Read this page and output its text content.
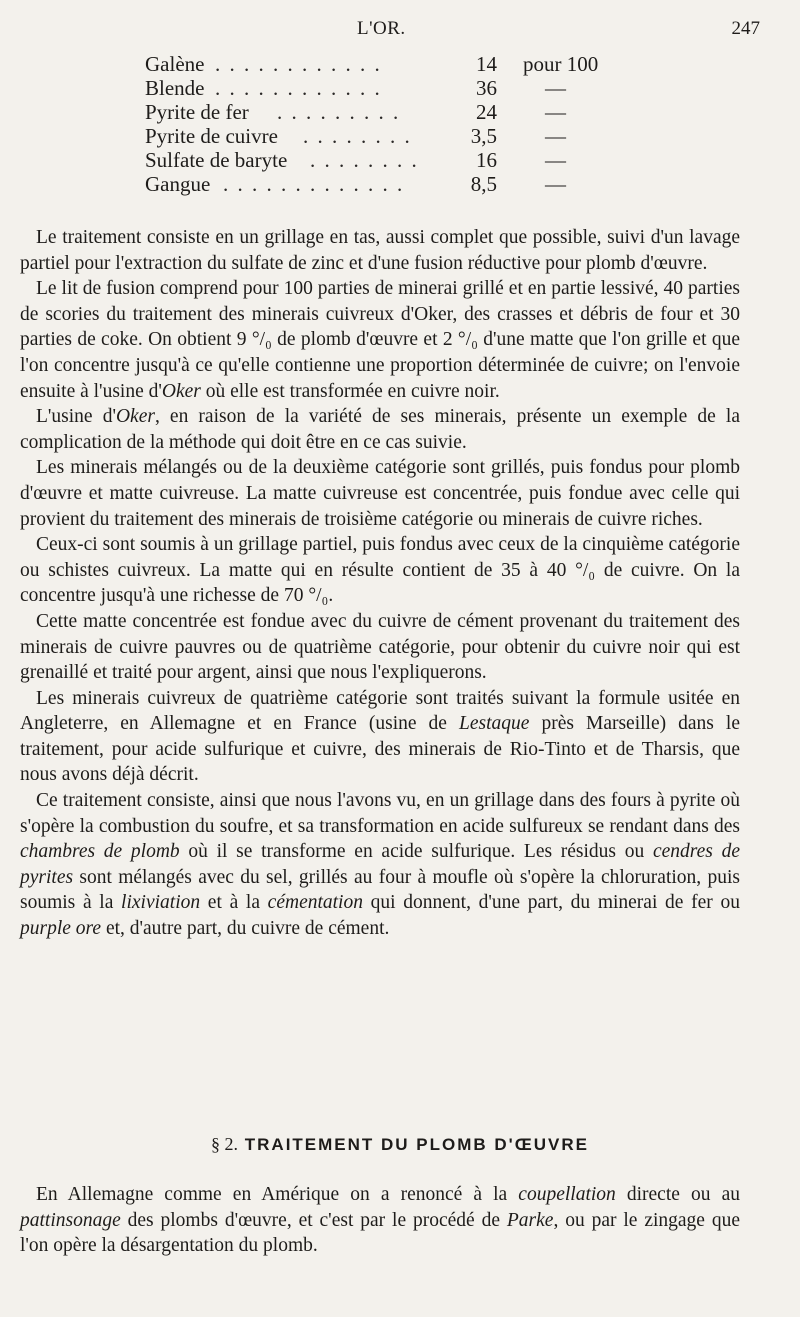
L'OR.	247
Galène . . . . . . . . . . . .	14 pour 100
Blende . . . . . . . . . . . .	36 —
Pyrite de fer . . . . . . . . .	24 —
Pyrite de cuivre . . . . . . . .	3,5 —
Sulfate de baryte . . . . . . . .	16 —
Gangue . . . . . . . . . . . . .	8,5 —

Le traitement consiste en un grillage en tas, aussi complet que possible, suivi d'un lavage partiel pour l'extraction du sulfate de zinc et d'une fusion réductive pour plomb d'œuvre.

Le lit de fusion comprend pour 100 parties de minerai grillé et en partie lessivé, 40 parties de scories du traitement des minerais cuivreux d'Oker, des crasses et débris de four et 30 parties de coke. On obtient 9 °/₀ de plomb d'œuvre et 2 °/₀ d'une matte que l'on grille et que l'on concentre jusqu'à ce qu'elle contienne une proportion déterminée de cuivre; on l'envoie ensuite à l'usine d'Oker où elle est transformée en cuivre noir.

L'usine d'Oker, en raison de la variété de ses minerais, présente un exemple de la complication de la méthode qui doit être en ce cas suivie.

Les minerais mélangés ou de la deuxième catégorie sont grillés, puis fondus pour plomb d'œuvre et matte cuivreuse. La matte cuivreuse est concentrée, puis fondue avec celle qui provient du traitement des minerais de troisième catégorie ou minerais de cuivre riches.

Ceux-ci sont soumis à un grillage partiel, puis fondus avec ceux de la cinquième catégorie ou schistes cuivreux. La matte qui en résulte contient de 35 à 40 °/₀ de cuivre. On la concentre jusqu'à une richesse de 70 °/₀.

Cette matte concentrée est fondue avec du cuivre de cément provenant du traitement des minerais de cuivre pauvres ou de quatrième catégorie, pour obtenir du cuivre noir qui est grenaillé et traité pour argent, ainsi que nous l'expliquerons.

Les minerais cuivreux de quatrième catégorie sont traités suivant la formule usitée en Angleterre, en Allemagne et en France (usine de Lestaque près Marseille) dans le traitement, pour acide sulfurique et cuivre, des minerais de Rio-Tinto et de Tharsis, que nous avons déjà décrit.

Ce traitement consiste, ainsi que nous l'avons vu, en un grillage dans des fours à pyrite où s'opère la combustion du soufre, et sa transformation en acide sulfureux se rendant dans des chambres de plomb où il se transforme en acide sulfurique. Les résidus ou cendres de pyrites sont mélangés avec du sel, grillés au four à moufle où s'opère la chloruration, puis soumis à la lixiviation et à la cémentation qui donnent, d'une part, du minerai de fer ou purple ore et, d'autre part, du cuivre de cément.

§ 2. TRAITEMENT DU PLOMB D'ŒUVRE

En Allemagne comme en Amérique on a renoncé à la coupellation directe ou au pattinsonage des plombs d'œuvre, et c'est par le procédé de Parke, ou par le zingage que l'on opère la désargentation du plomb.
